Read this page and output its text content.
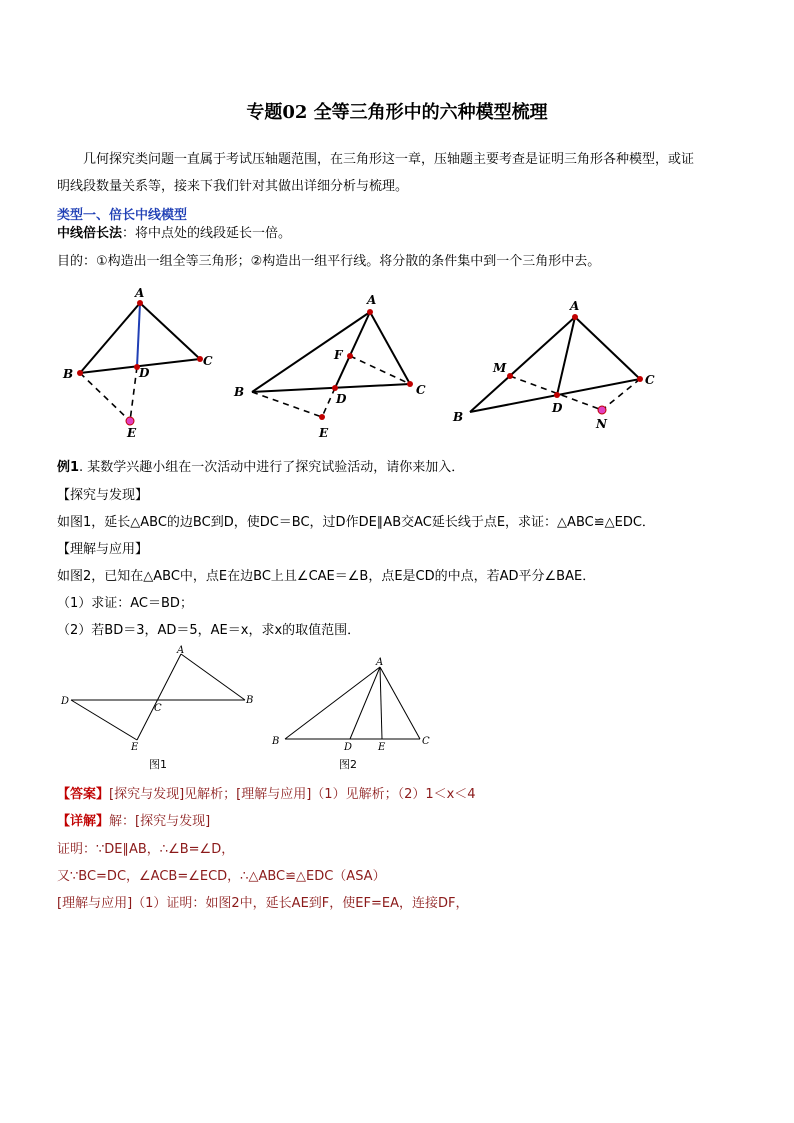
专题02 全等三角形中的六种模型梳理
几何探究类问题一直属于考试压轴题范围，在三角形这一章，压轴题主要考查是证明三角形各种模型，或证
明线段数量关系等，接来下我们针对其做出详细分析与梳理。
类型一、倍长中线模型
中线倍长法：将中点处的线段延长一倍。
目的：①构造出一组全等三角形；②构造出一组平行线。将分散的条件集中到一个三角形中去。
A
B
C
D
E
A
B	C
D
E
F
A
B
C
D
M
N
例1. 某数学兴趣小组在一次活动中进行了探究试验活动，请你来加入．
【探究与发现】
如图1，延长△ABC的边BC到D，使DC＝BC，过D作DE∥AB交AC延长线于点E，求证：△ABC≌△EDC．
【理解与应用】
如图2，已知在△ABC中，点E在边BC上且∠CAE＝∠B，点E是CD的中点，若AD平分∠BAE．
（1）求证：AC＝BD；
（2）若BD＝3，AD＝5，AE＝x，求x的取值范围．
A
B
C
D
E
图1
A
B	C
D	E
图2
【答案】[探究与发现]见解析；[理解与应用]（1）见解析；（2）1＜x＜4
【详解】解：[探究与发现]
证明：∵DE∥AB，∴∠B=∠D，
又∵BC=DC，∠ACB=∠ECD，∴△ABC≌△EDC（ASA）
[理解与应用]（1）证明：如图2中，延长AE到F，使EF=EA，连接DF，
